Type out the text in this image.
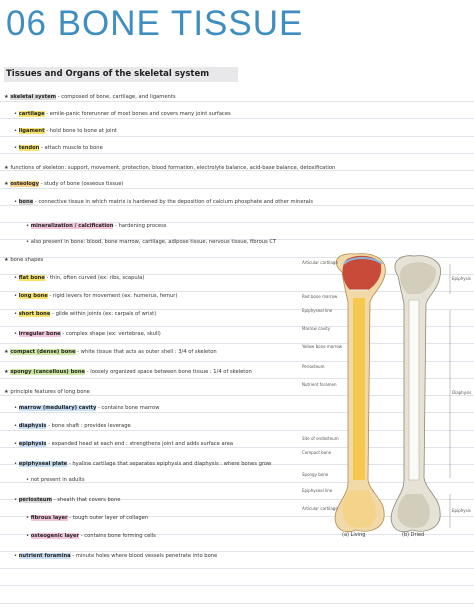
06 BONE TISSUE
Tissues and Organs of the skeletal system
★ skeletal system - composed of bone, cartilage, and ligaments
• cartilage - emile-panic forerunner of most bones and covers many joint surfaces
• ligament - hold bone to bone at joint
• tendon - attach muscle to bone
★ functions of skeleton: support, movement, protection, blood formation, electrolyte balance, acid-base balance, detoxification
★ osteology - study of bone (osseous tissue)
• bone - connective tissue in which matrix is hardened by the deposition of calcium phosphate and other minerals
• mineralization / calcification - hardening process
• also present in bone: blood, bone marrow, cartilage, adipose tissue, nervous tissue, fibrous CT
★ bone shapes
• flat bone - thin, often curved (ex: ribs, scapula)
• long bone - rigid levers for movement (ex: humerus, femur)
• short bone - glide within joints (ex: carpals of wrist)
• irregular bone - complex shape (ex: vertebrae, skull)
★ compact (dense) bone - white tissue that acts as outer shell : 3/4 of skeleton
★ spongy (cancellous) bone - loosely organized space between bone tissue : 1/4 of skeleton
★ principle features of long bone
• marrow (medullary) cavity - contains bone marrow
• diaphysis - bone shaft : provides leverage
• epiphysis - expanded head at each end : strengthens joint and adds surface area
• epiphyseal plate - hyaline cartilage that separates epiphysis and diaphysis : where bones grow
• not present in adults
• periosteum - sheath that covers bone
• fibrous layer - tough outer layer of collagen
• osteogenic layer - contains bone forming cells
• nutrient foramina - minute holes where blood vessels penetrate into bone
Articular cartilage
Red bone marrow
Epiphyseal line
Marrow cavity
Yellow bone marrow
Periosteum
Nutrient foramen
Site of endosteum
Compact bone
Spongy bone
Epiphyseal line
Articular cartilage
Epiphysis
Diaphysis
Epiphysis
(a) Living	(b) Dried
